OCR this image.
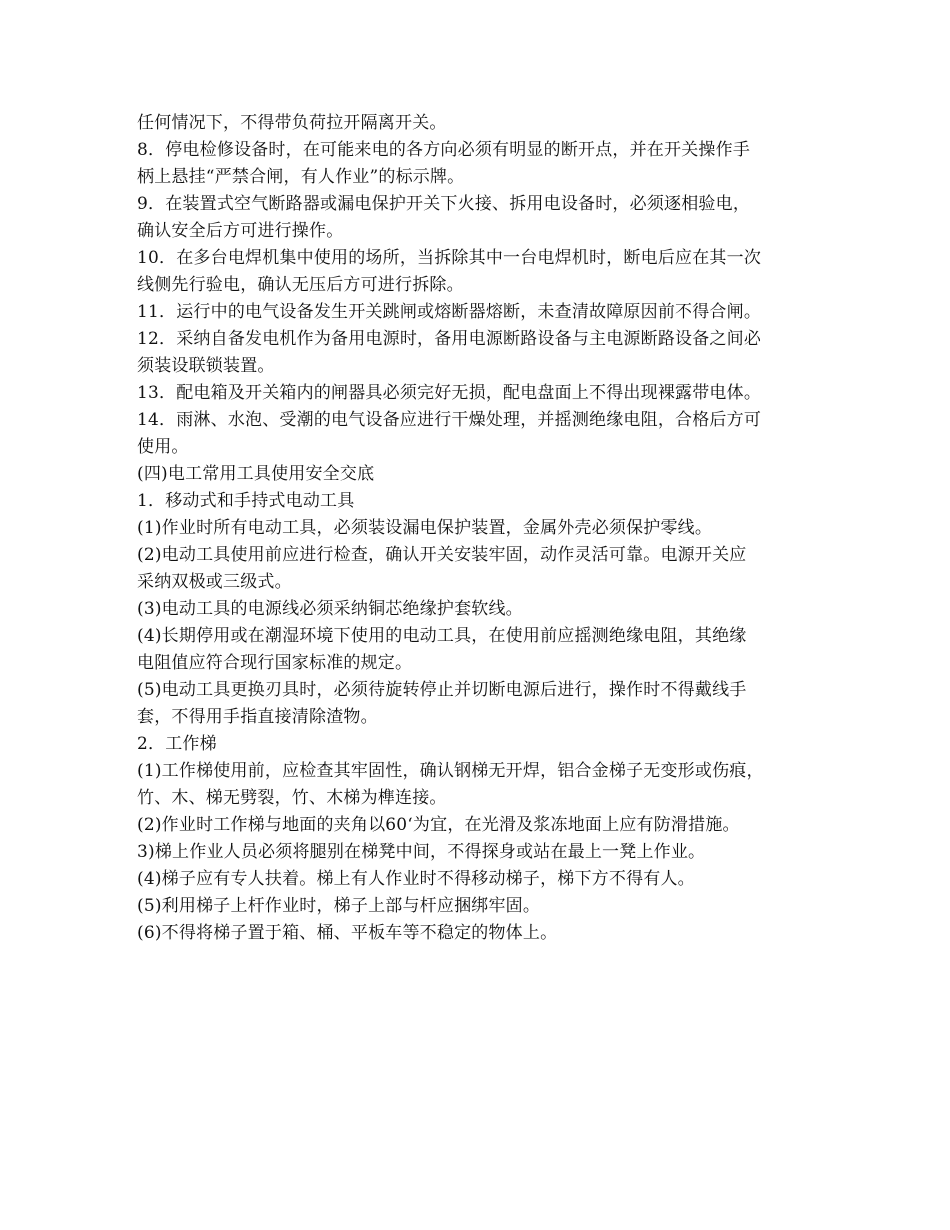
任何情况下，不得带负荷拉开隔离开关。
8．停电检修设备时，在可能来电的各方向必须有明显的断开点，并在开关操作手
柄上悬挂“严禁合闸，有人作业”的标示牌。
9．在装置式空气断路器或漏电保护开关下火接、拆用电设备时，必须逐相验电，
确认安全后方可进行操作。
10．在多台电焊机集中使用的场所，当拆除其中一台电焊机时，断电后应在其一次
线侧先行验电，确认无压后方可进行拆除。
11．运行中的电气设备发生开关跳闸或熔断器熔断，未查清故障原因前不得合闸。
12．采纳自备发电机作为备用电源时，备用电源断路设备与主电源断路设备之间必
须装设联锁装置。
13．配电箱及开关箱内的闸器具必须完好无损，配电盘面上不得出现裸露带电体。
14．雨淋、水泡、受潮的电气设备应进行干燥处理，并摇测绝缘电阻，合格后方可
使用。
(四)电工常用工具使用安全交底
1．移动式和手持式电动工具
(1)作业时所有电动工具，必须装设漏电保护装置，金属外壳必须保护零线。
(2)电动工具使用前应进行检查，确认开关安装牢固，动作灵活可靠。电源开关应
采纳双极或三级式。
(3)电动工具的电源线必须采纳铜芯绝缘护套软线。
(4)长期停用或在潮湿环境下使用的电动工具，在使用前应摇测绝缘电阻，其绝缘
电阻值应符合现行国家标准的规定。
(5)电动工具更换刃具时，必须待旋转停止并切断电源后进行，操作时不得戴线手
套，不得用手指直接清除渣物。
2．工作梯
(1)工作梯使用前，应检查其牢固性，确认钢梯无开焊，铝合金梯子无变形或伤痕，
竹、木、梯无劈裂，竹、木梯为榫连接。
(2)作业时工作梯与地面的夹角以60‘为宜，在光滑及浆冻地面上应有防滑措施。
3)梯上作业人员必须将腿别在梯凳中间，不得探身或站在最上一凳上作业。
(4)梯子应有专人扶着。梯上有人作业时不得移动梯子，梯下方不得有人。
(5)利用梯子上杆作业时，梯子上部与杆应捆绑牢固。
(6)不得将梯子置于箱、桶、平板车等不稳定的物体上。
